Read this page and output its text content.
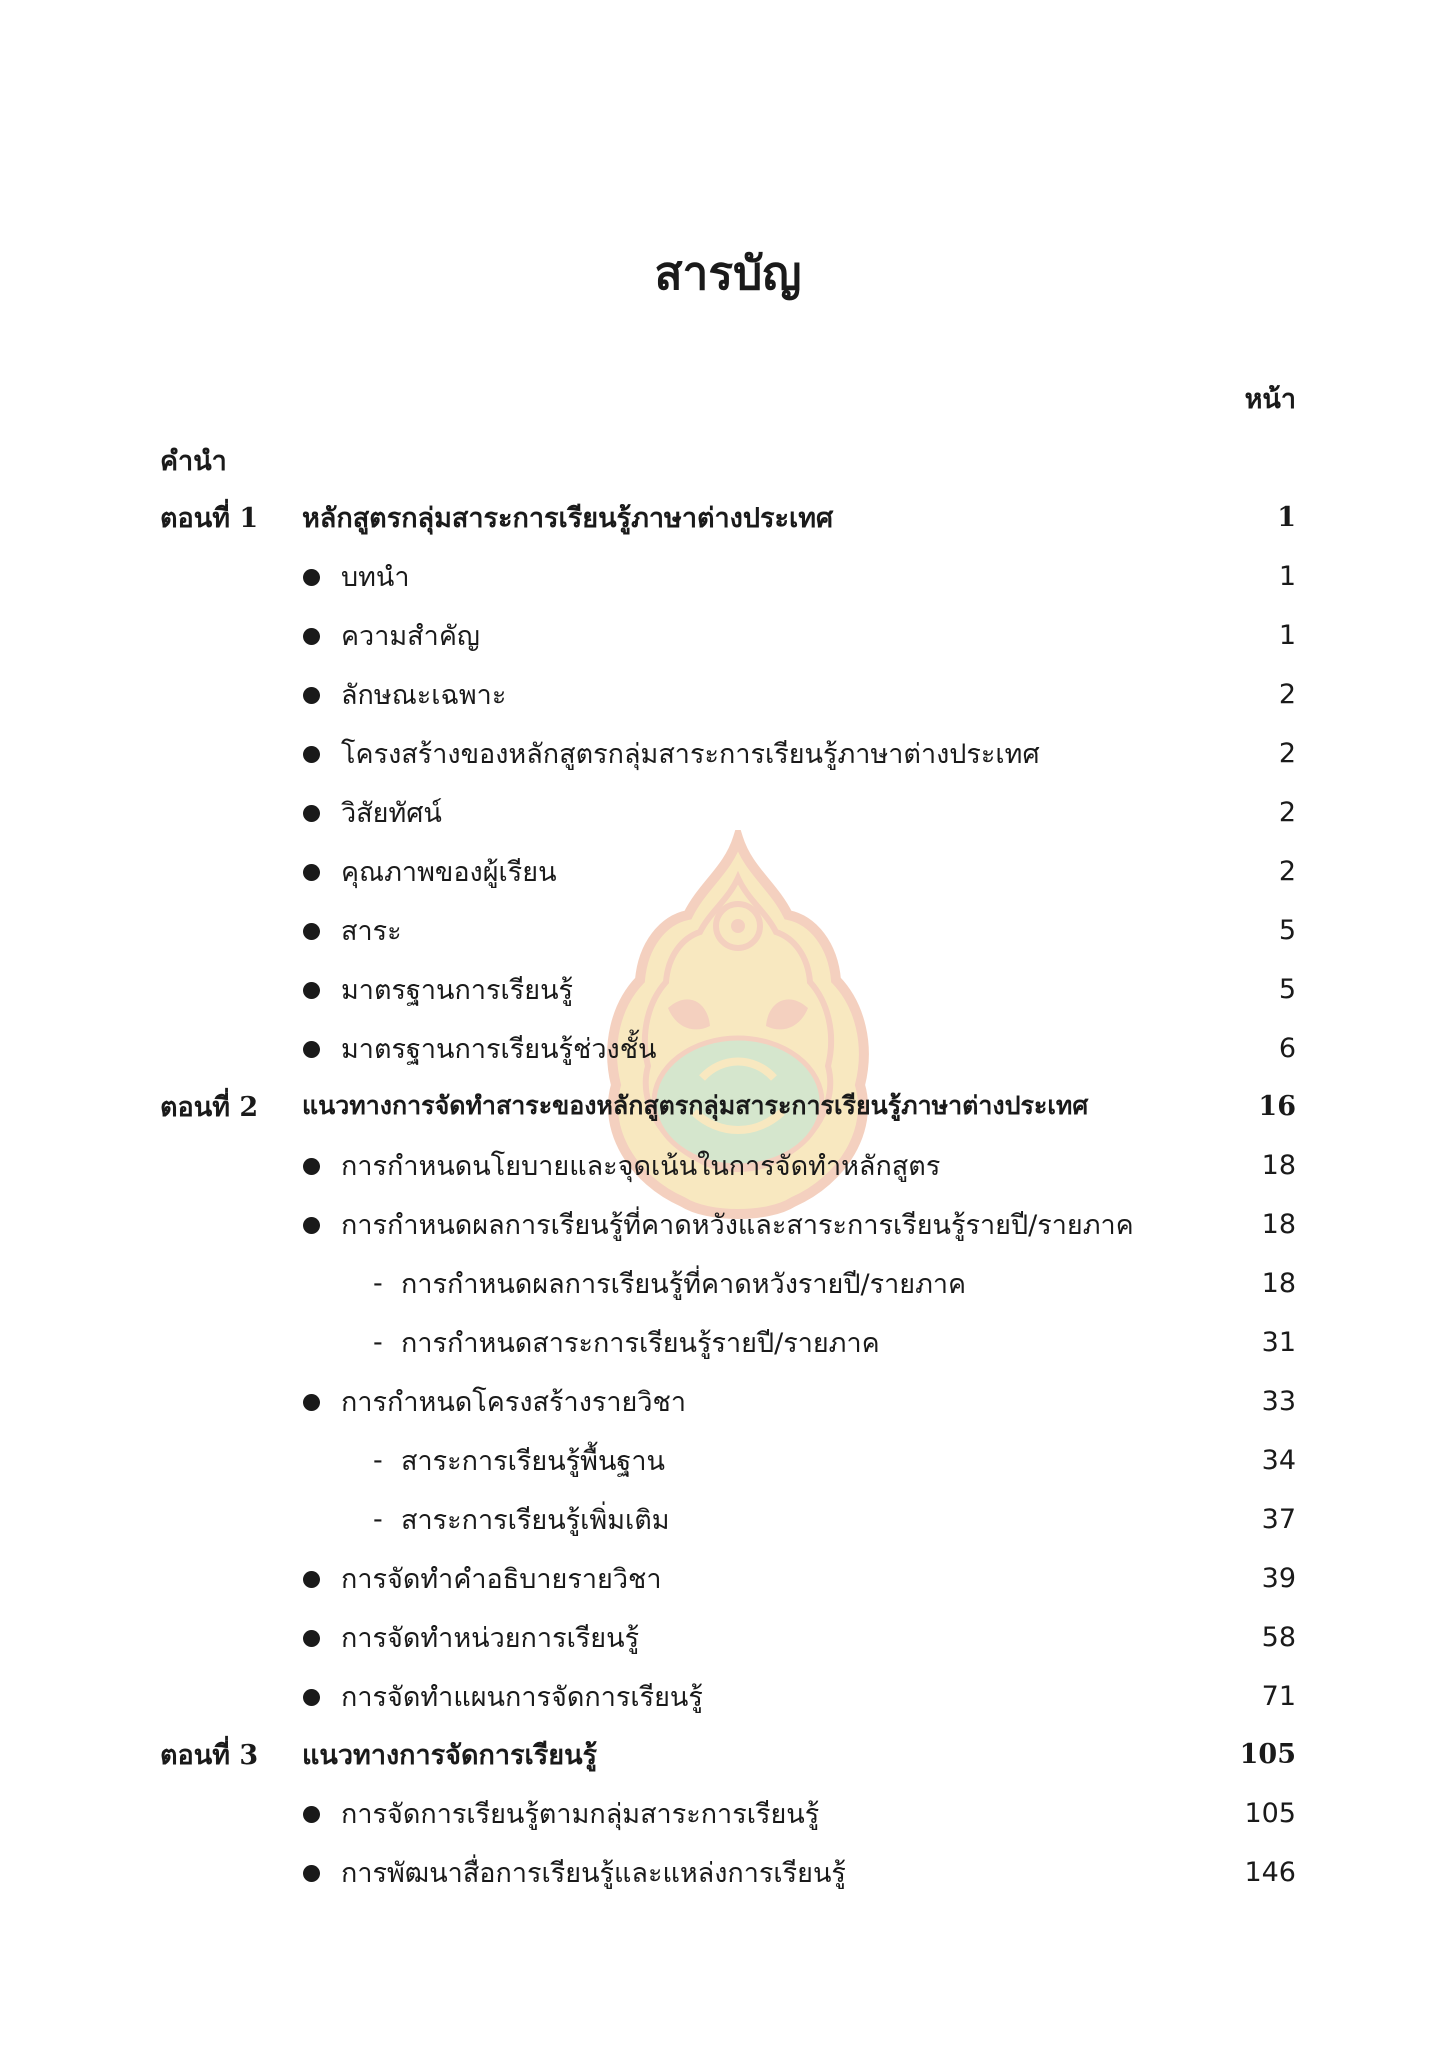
สารบัญ
หน้า
คำนำ
ตอนที่ 1 หลักสูตรกลุ่มสาระการเรียนรู้ภาษาต่างประเทศ	1
บทนำ	1
ความสำคัญ	1
ลักษณะเฉพาะ	2
โครงสร้างของหลักสูตรกลุ่มสาระการเรียนรู้ภาษาต่างประเทศ	2
วิสัยทัศน์	2
คุณภาพของผู้เรียน	2
สาระ	5
มาตรฐานการเรียนรู้	5
มาตรฐานการเรียนรู้ช่วงชั้น	6
ตอนที่ 2 แนวทางการจัดทำสาระของหลักสูตรกลุ่มสาระการเรียนรู้ภาษาต่างประเทศ	16
การกำหนดนโยบายและจุดเน้นในการจัดทำหลักสูตร	18
การกำหนดผลการเรียนรู้ที่คาดหวังและสาระการเรียนรู้รายปี/รายภาค	18
- การกำหนดผลการเรียนรู้ที่คาดหวังรายปี/รายภาค	18
- การกำหนดสาระการเรียนรู้รายปี/รายภาค	31
การกำหนดโครงสร้างรายวิชา	33
- สาระการเรียนรู้พื้นฐาน	34
- สาระการเรียนรู้เพิ่มเติม	37
การจัดทำคำอธิบายรายวิชา	39
การจัดทำหน่วยการเรียนรู้	58
การจัดทำแผนการจัดการเรียนรู้	71
ตอนที่ 3 แนวทางการจัดการเรียนรู้	105
การจัดการเรียนรู้ตามกลุ่มสาระการเรียนรู้	105
การพัฒนาสื่อการเรียนรู้และแหล่งการเรียนรู้	146
